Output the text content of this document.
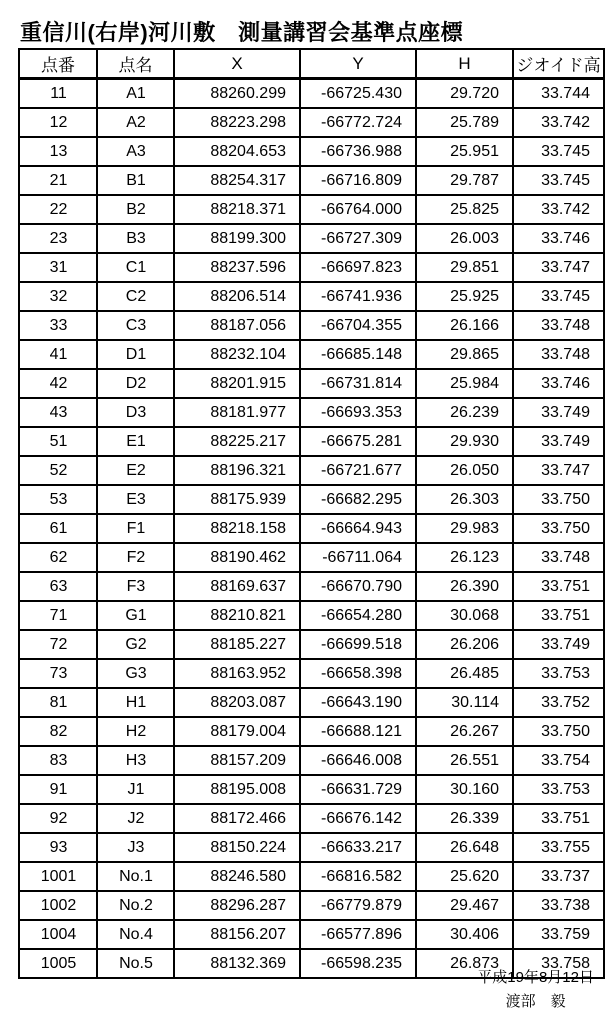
重信川(右岸)河川敷　測量講習会基準点座標
点番	点名	X	Y	H	ジオイド高
11	A1	88260.299	-66725.430	29.720	33.744
12	A2	88223.298	-66772.724	25.789	33.742
13	A3	88204.653	-66736.988	25.951	33.745
21	B1	88254.317	-66716.809	29.787	33.745
22	B2	88218.371	-66764.000	25.825	33.742
23	B3	88199.300	-66727.309	26.003	33.746
31	C1	88237.596	-66697.823	29.851	33.747
32	C2	88206.514	-66741.936	25.925	33.745
33	C3	88187.056	-66704.355	26.166	33.748
41	D1	88232.104	-66685.148	29.865	33.748
42	D2	88201.915	-66731.814	25.984	33.746
43	D3	88181.977	-66693.353	26.239	33.749
51	E1	88225.217	-66675.281	29.930	33.749
52	E2	88196.321	-66721.677	26.050	33.747
53	E3	88175.939	-66682.295	26.303	33.750
61	F1	88218.158	-66664.943	29.983	33.750
62	F2	88190.462	-66711.064	26.123	33.748
63	F3	88169.637	-66670.790	26.390	33.751
71	G1	88210.821	-66654.280	30.068	33.751
72	G2	88185.227	-66699.518	26.206	33.749
73	G3	88163.952	-66658.398	26.485	33.753
81	H1	88203.087	-66643.190	30.114	33.752
82	H2	88179.004	-66688.121	26.267	33.750
83	H3	88157.209	-66646.008	26.551	33.754
91	J1	88195.008	-66631.729	30.160	33.753
92	J2	88172.466	-66676.142	26.339	33.751
93	J3	88150.224	-66633.217	26.648	33.755
1001	No.1	88246.580	-66816.582	25.620	33.737
1002	No.2	88296.287	-66779.879	29.467	33.738
1004	No.4	88156.207	-66577.896	30.406	33.759
1005	No.5	88132.369	-66598.235	26.873	33.758
平成19年8月12日
渡部　毅
